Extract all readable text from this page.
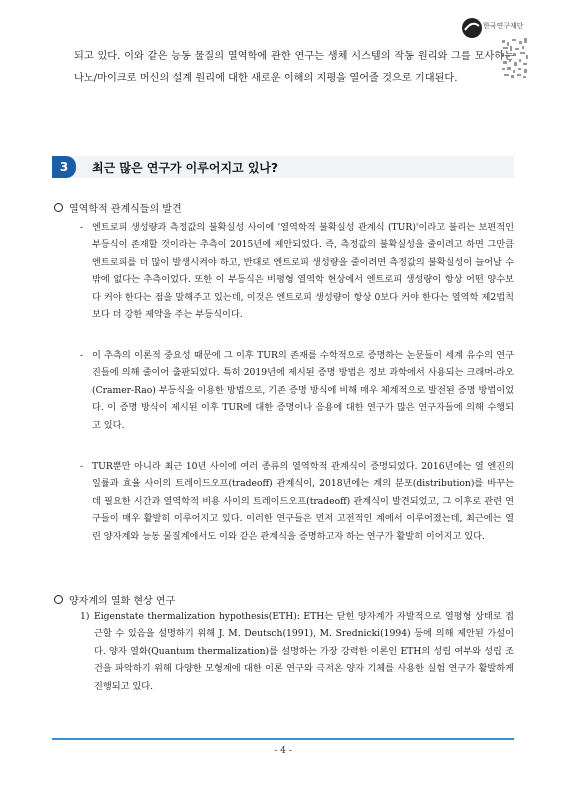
한국연구재단

되고 있다. 이와 같은 능동 물질의 열역학에 관한 연구는 생체 시스템의 작동 원리와 그를 모사하는 나노/마이크로 머신의 설계 원리에 대한 새로운 이해의 지평을 열어줄 것으로 기대된다.

3	최근 많은 연구가 이루어지고 있나?
열역학적 관계식들의 발견
- 엔트로피 생성량과 측정값의 불확실성 사이에 '열역학적 불확실성 관계식 (TUR)'이라고 불리는 보편적인 부등식이 존재할 것이라는 추측이 2015년에 제안되었다. 즉, 측정값의 불확실성을 줄이려고 하면 그만큼 엔트로피를 더 많이 발생시켜야 하고, 반대로 엔트로피 생성량을 줄이려면 측정값의 불확실성이 늘어날 수밖에 없다는 추측이었다. 또한 이 부등식은 비평형 열역학 현상에서 엔트로피 생성량이 항상 어떤 양수보다 커야 한다는 점을 말해주고 있는데, 이것은 엔트로피 생성량이 항상 0보다 커야 한다는 열역학 제2법칙보다 더 강한 제약을 주는 부등식이다.
- 이 추측의 이론적 중요성 때문에 그 이후 TUR의 존재를 수학적으로 증명하는 논문들이 세계 유수의 연구진들에 의해 줄이어 출판되었다. 특히 2019년에 제시된 증명 방법은 정보 과학에서 사용되는 크래머-라오(Cramer-Rao) 부등식을 이용한 방법으로, 기존 증명 방식에 비해 매우 체계적으로 발전된 증명 방법이었다. 이 증명 방식이 제시된 이후 TUR에 대한 증명이나 응용에 대한 연구가 많은 연구자들에 의해 수행되고 있다.
- TUR뿐만 아니라 최근 10년 사이에 여러 종류의 열역학적 관계식이 증명되었다. 2016년에는 열 엔진의 일률과 효율 사이의 트레이드오프(tradeoff) 관계식이, 2018년에는 계의 분포(distribution)를 바꾸는 데 필요한 시간과 열역학적 비용 사이의 트레이드오프(tradeoff) 관계식이 발견되었고, 그 이후로 관련 연구들이 매우 활발히 이루어지고 있다. 이러한 연구들은 먼저 고전적인 계에서 이루어졌는데, 최근에는 열린 양자계와 능동 물질계에서도 이와 같은 관계식을 증명하고자 하는 연구가 활발히 이어지고 있다.
양자계의 열화 현상 연구
1) Eigenstate thermalization hypothesis(ETH): ETH는 닫힌 양자계가 자발적으로 열평형 상태로 접근할 수 있음을 설명하기 위해 J. M. Deutsch(1991), M. Srednicki(1994) 등에 의해 제안된 가설이다. 양자 열화(Quantum thermalization)를 설명하는 가장 강력한 이론인 ETH의 성립 여부와 성립 조건을 파악하기 위해 다양한 모형계에 대한 이론 연구와 극저온 양자 기체를 사용한 실험 연구가 활발하게 진행되고 있다.
- 4 -
